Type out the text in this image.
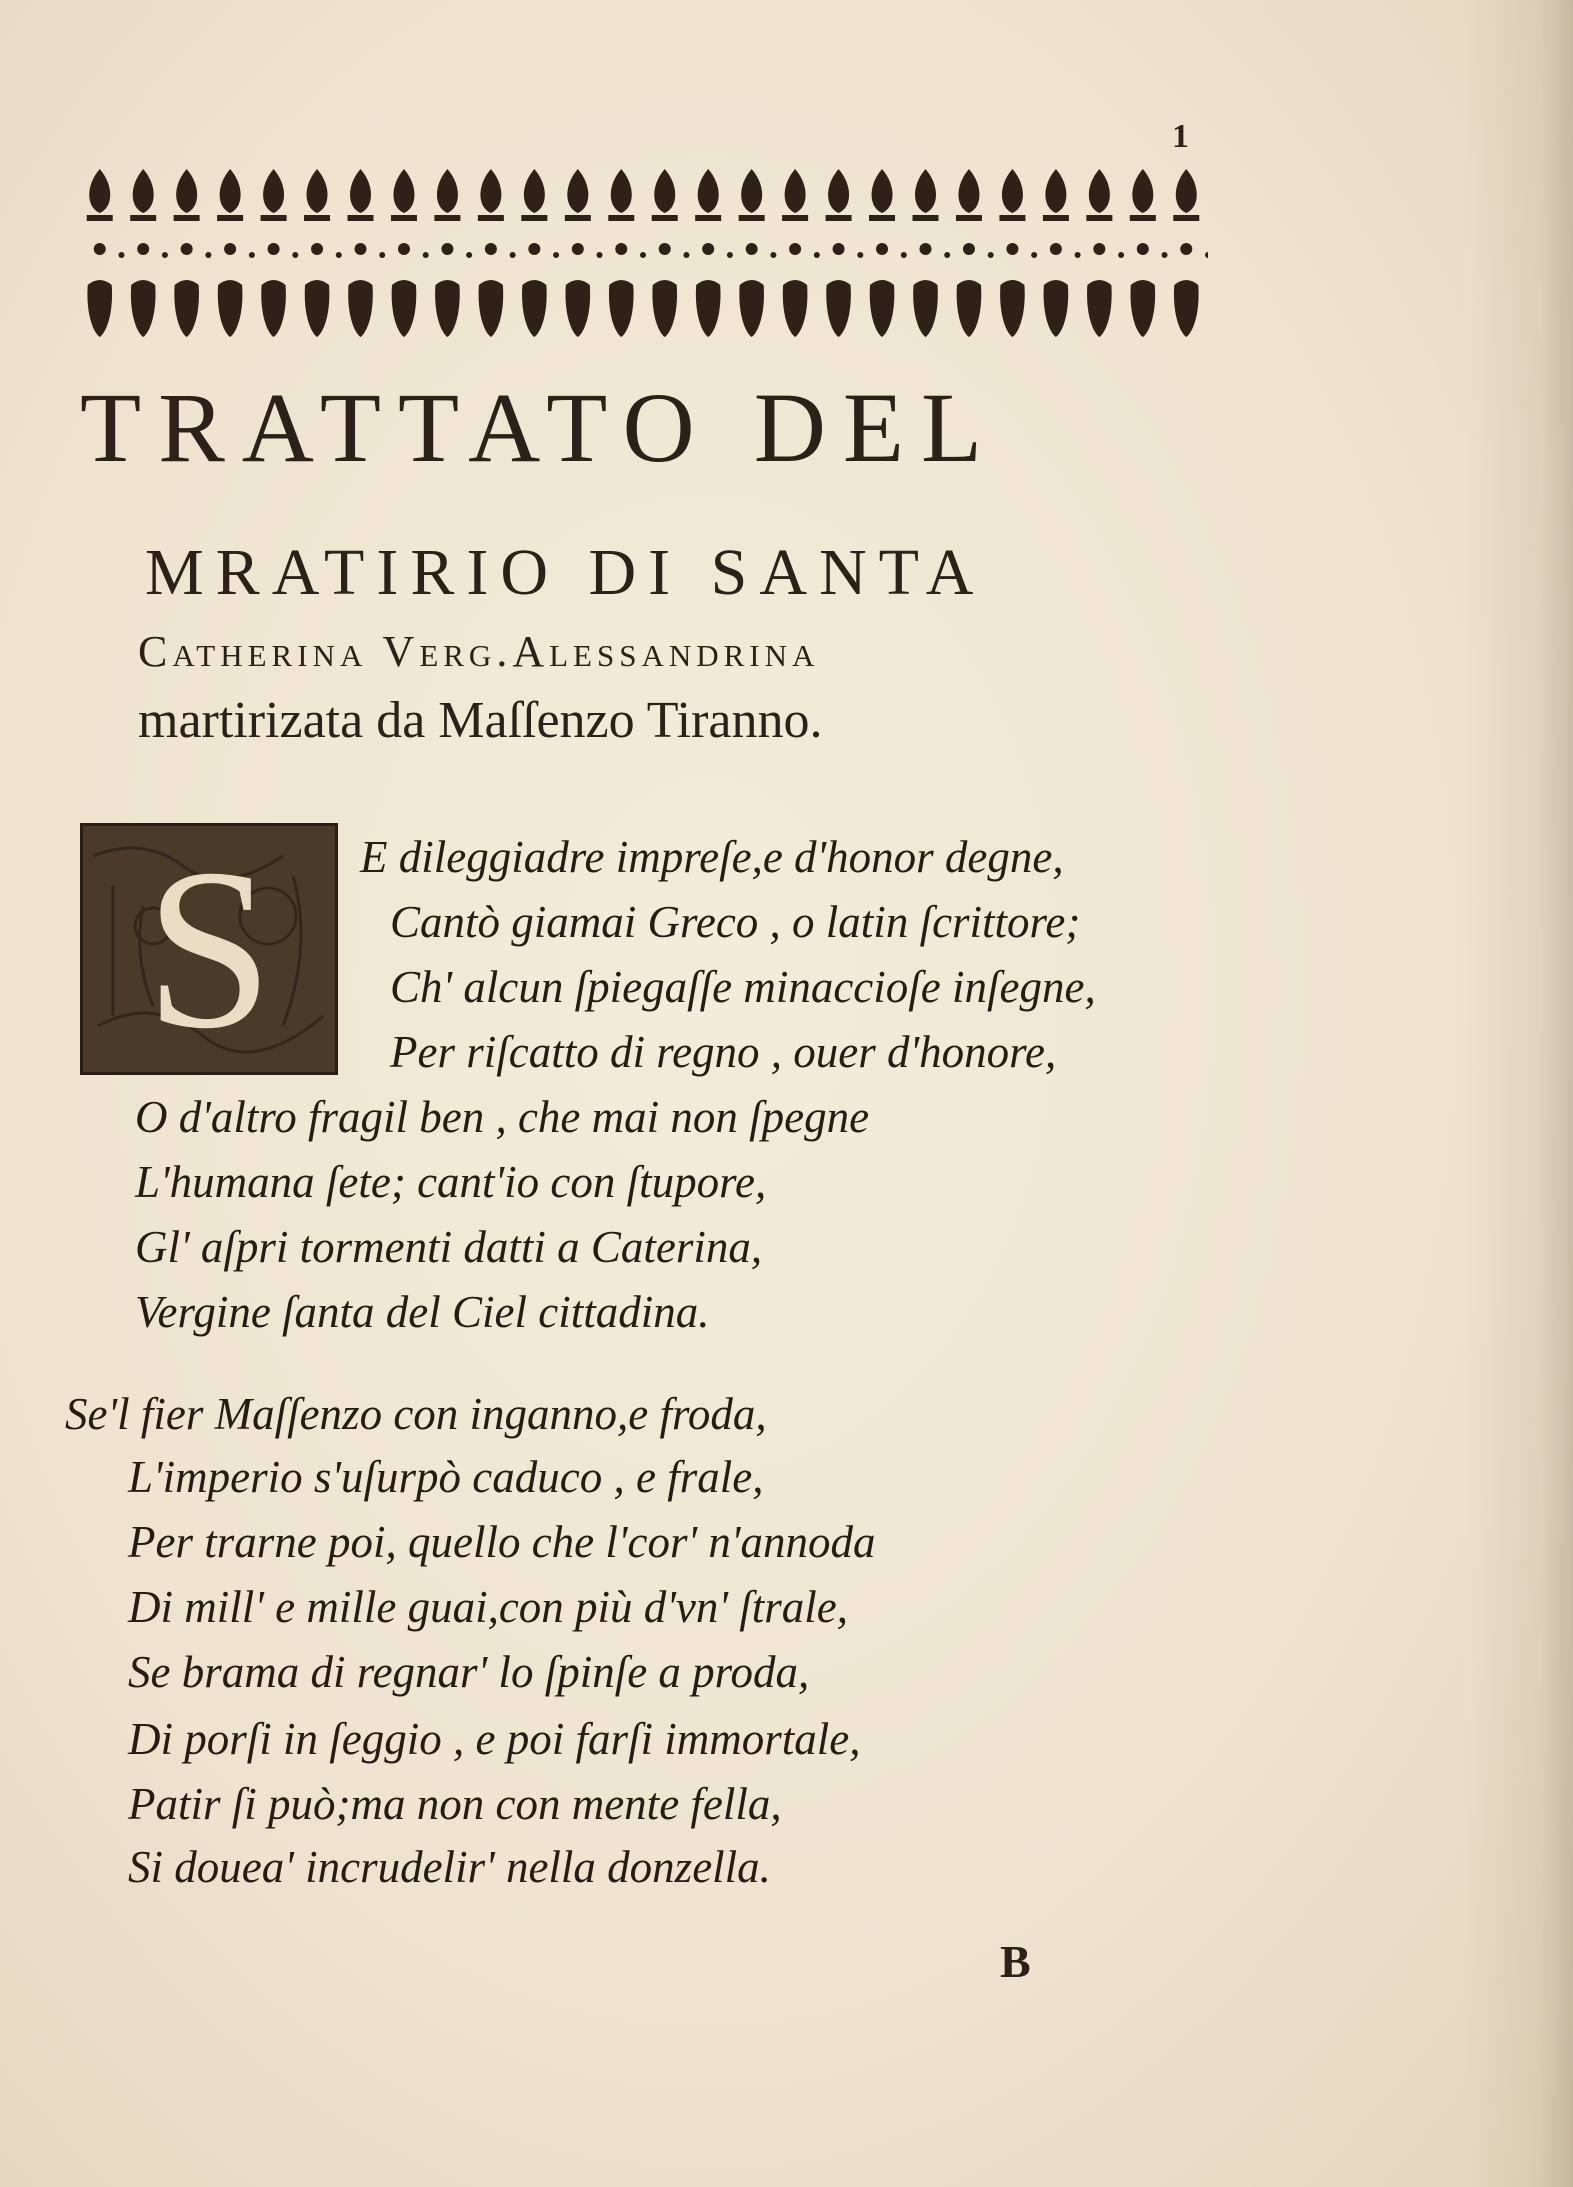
1
TRATTATO DEL
MRATIRIO DI SANTA
Catherina Verg.Alessandrina
martirizata da Maſſenzo Tiranno.
S	E dileggiadre impreſe,e d'honor degne,
Cantò giamai Greco , o latin ſcrittore;
Ch' alcun ſpiegaſſe minaccioſe inſegne,
Per riſcatto di regno , ouer d'honore,
O d'altro fragil ben , che mai non ſpegne
L'humana ſete; cant'io con ſtupore,
Gl' aſpri tormenti datti a Caterina,
Vergine ſanta del Ciel cittadina.
Se'l fier Maſſenzo con inganno,e froda,
L'imperio s'uſurpò caduco , e frale,
Per trarne poi, quello che l'cor' n'annoda
Di mill' e mille guai,con più d'vn' ſtrale,
Se brama di regnar' lo ſpinſe a proda,
Di porſi in ſeggio , e poi farſi immortale,
Patir ſi può;ma non con mente fella,
Si douea' incrudelir' nella donzella.
B
